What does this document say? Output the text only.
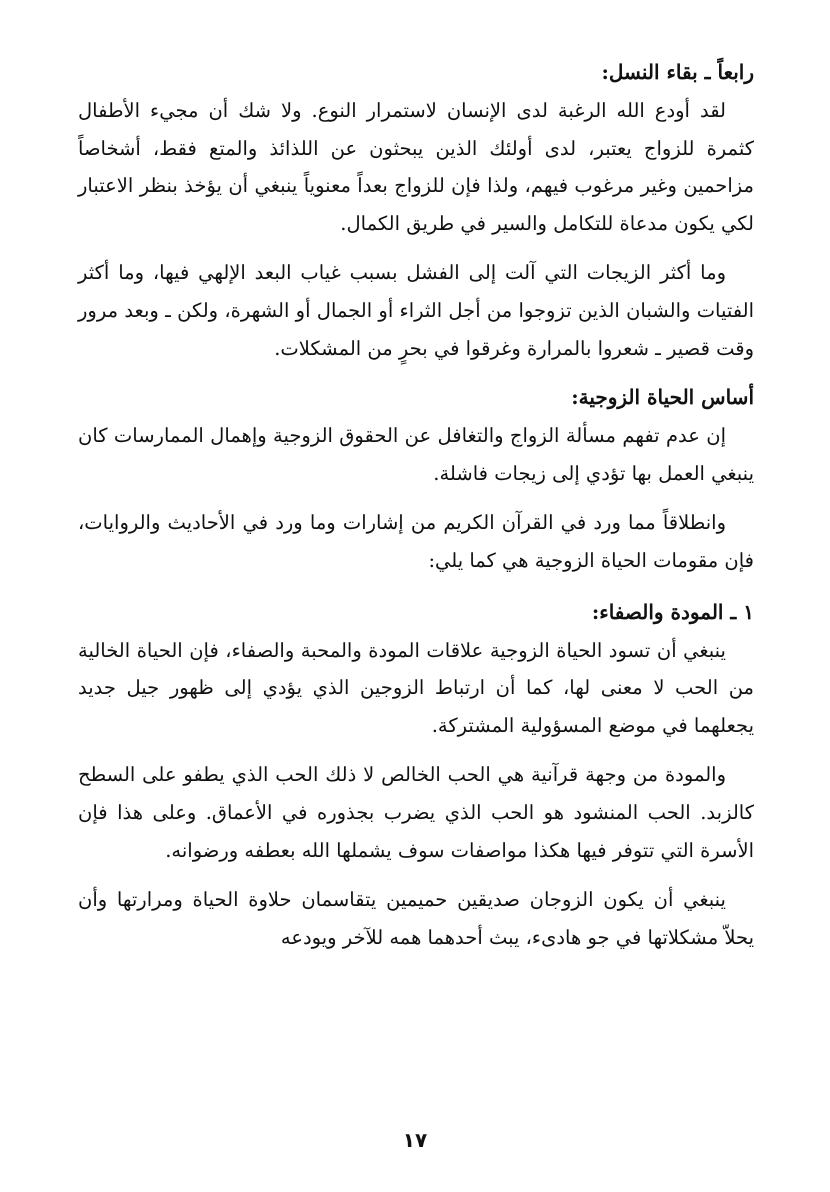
رابعاً ـ بقاء النسل:

لقد أودع الله الرغبة لدى الإنسان لاستمرار النوع. ولا شك أن مجيء الأطفال كثمرة للزواج يعتبر، لدى أولئك الذين يبحثون عن اللذائذ والمتع فقط، أشخاصاً مزاحمين وغير مرغوب فيهم، ولذا فإن للزواج بعداً معنوياً ينبغي أن يؤخذ بنظر الاعتبار لكي يكون مدعاة للتكامل والسير في طريق الكمال.

وما أكثر الزيجات التي آلت إلى الفشل بسبب غياب البعد الإلهي فيها، وما أكثر الفتيات والشبان الذين تزوجوا من أجل الثراء أو الجمال أو الشهرة، ولكن ـ وبعد مرور وقت قصير ـ شعروا بالمرارة وغرقوا في بحرٍ من المشكلات.

أساس الحياة الزوجية:

إن عدم تفهم مسألة الزواج والتغافل عن الحقوق الزوجية وإهمال الممارسات كان ينبغي العمل بها تؤدي إلى زيجات فاشلة.

وانطلاقاً مما ورد في القرآن الكريم من إشارات وما ورد في الأحاديث والروايات، فإن مقومات الحياة الزوجية هي كما يلي:

١ ـ المودة والصفاء:

ينبغي أن تسود الحياة الزوجية علاقات المودة والمحبة والصفاء، فإن الحياة الخالية من الحب لا معنى لها، كما أن ارتباط الزوجين الذي يؤدي إلى ظهور جيل جديد يجعلهما في موضع المسؤولية المشتركة.

والمودة من وجهة قرآنية هي الحب الخالص لا ذلك الحب الذي يطفو على السطح كالزبد. الحب المنشود هو الحب الذي يضرب بجذوره في الأعماق. وعلى هذا فإن الأسرة التي تتوفر فيها هكذا مواصفات سوف يشملها الله بعطفه ورضوانه.

ينبغي أن يكون الزوجان صديقين حميمين يتقاسمان حلاوة الحياة ومرارتها وأن يحلاّ مشكلاتها في جو هادىء، يبث أحدهما همه للآخر ويودعه

١٧
